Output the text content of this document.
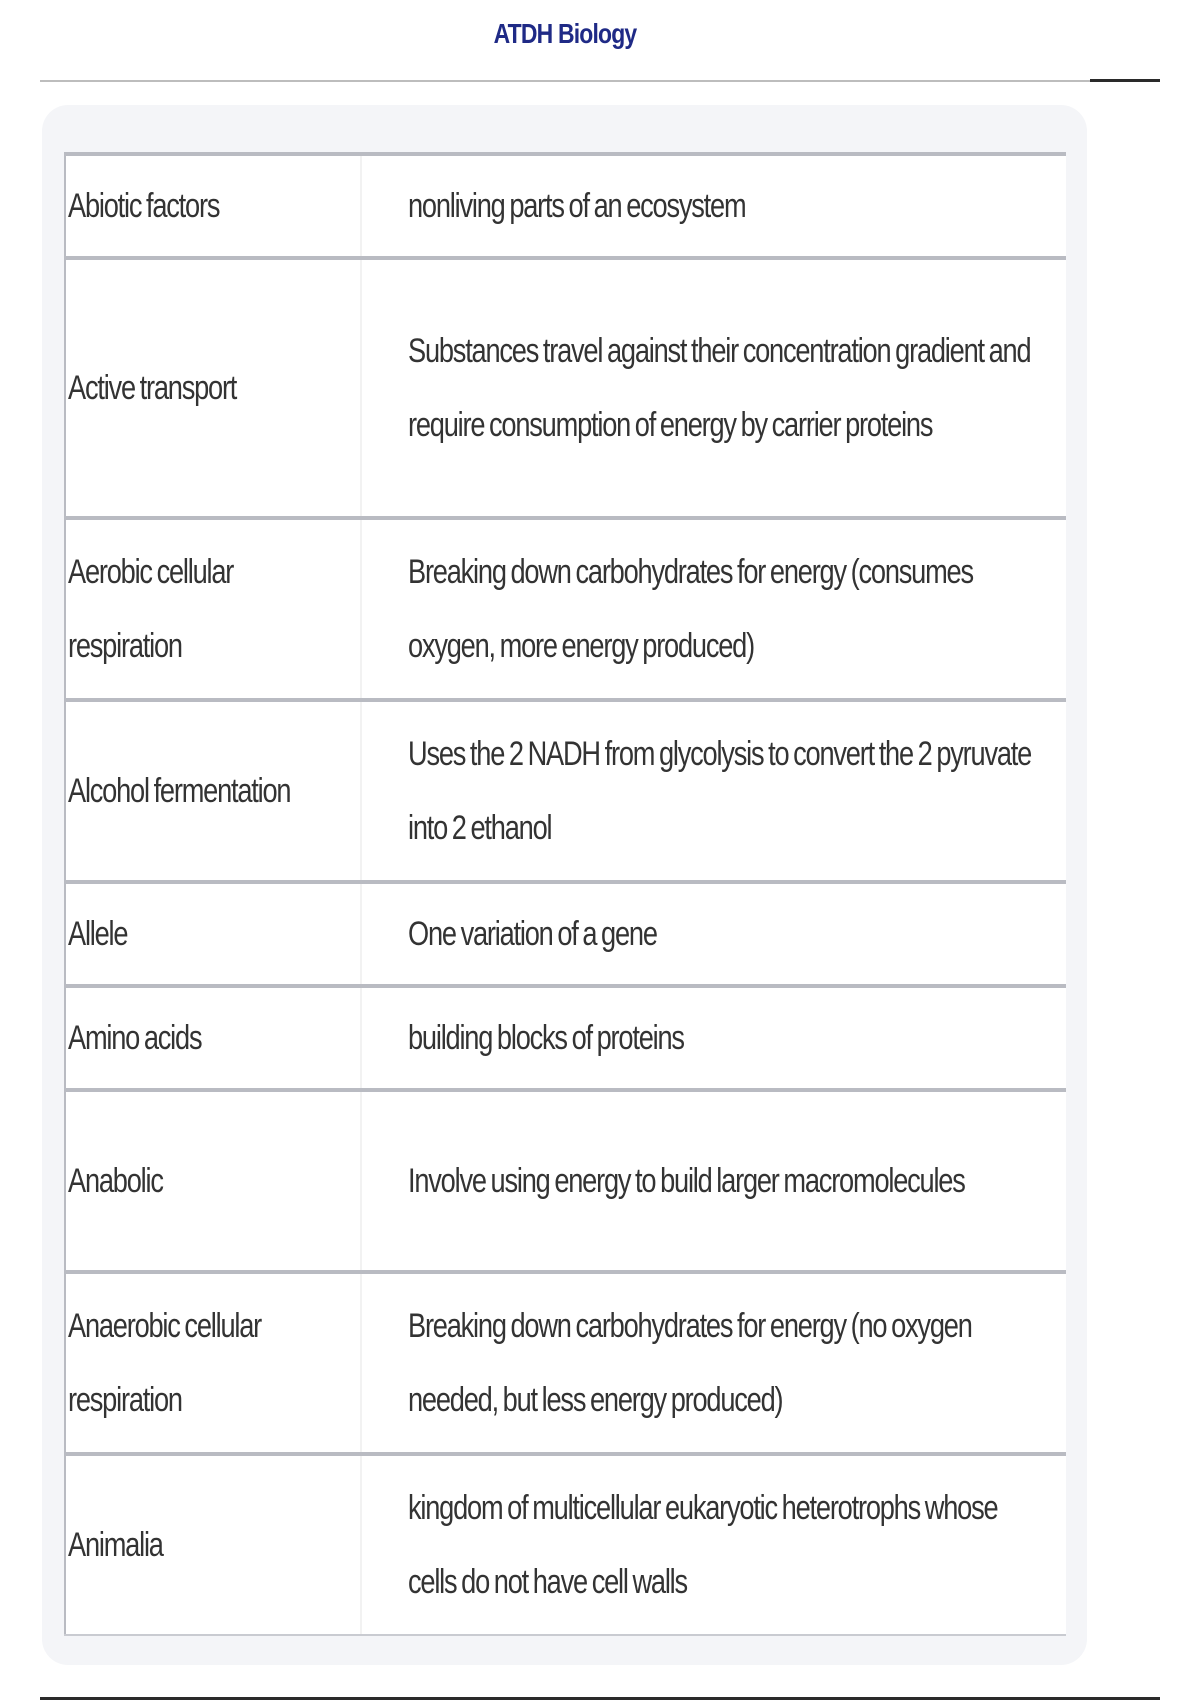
ATDH Biology
Abiotic factors	nonliving parts of an ecosystem

Active transport	Substances travel against their concentration gradient and require consumption of energy by carrier proteins

Aerobic cellular respiration	Breaking down carbohydrates for energy (consumes oxygen, more energy produced)

Alcohol fermentation	Uses the 2 NADH from glycolysis to convert the 2 pyruvate into 2 ethanol

Allele	One variation of a gene

Amino acids	building blocks of proteins

Anabolic	Involve using energy to build larger macromolecules

Anaerobic cellular respiration	Breaking down carbohydrates for energy (no oxygen needed, but less energy produced)

Animalia	kingdom of multicellular eukaryotic heterotrophs whose cells do not have cell walls
